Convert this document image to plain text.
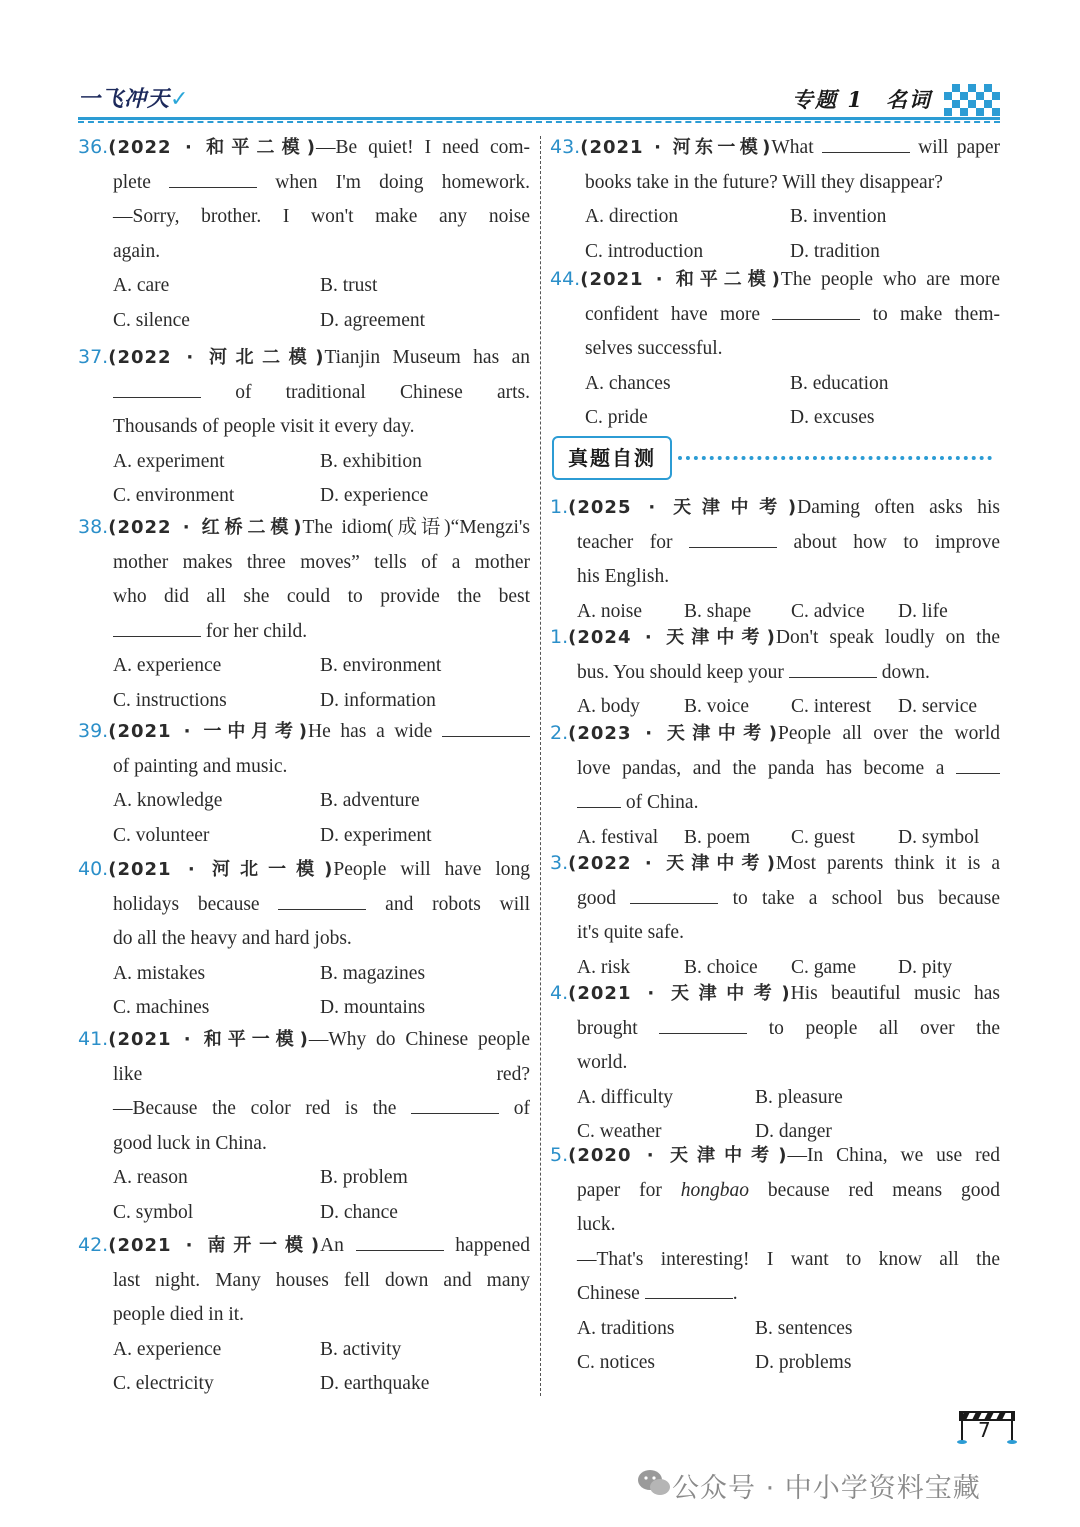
一飞冲天✓	专题 1 名词
36.(2022 · 和平二模)—Be quiet! I need com-
plete	when I'm doing homework.
—Sorry, brother. I won't make any noise
again.
A. care	B. trust
C. silence	D. agreement
37.(2022 · 河北二模)Tianjin Museum has an
of traditional Chinese arts.
Thousands of people visit it every day.
A. experiment	B. exhibition
C. environment	D. experience
38.(2022 · 红桥二模)The idiom(成语)“Mengzi's
mother makes three moves” tells of a mother
who did all she could to provide the best
for her child.
A. experience	B. environment
C. instructions	D. information
39.(2021 · 一中月考)He has a wide
of painting and music.
A. knowledge	B. adventure
C. volunteer	D. experiment
40.(2021 · 河北一模)People will have long
holidays because	and robots will
do all the heavy and hard jobs.
A. mistakes	B. magazines
C. machines	D. mountains
41.(2021 · 和平一模)—Why do Chinese people
like red?
—Because the color red is the	of
good luck in China.
A. reason	B. problem
C. symbol	D. chance
42.(2021 · 南开一模)An	happened
last night. Many houses fell down and many
people died in it.
A. experience	B. activity
C. electricity	D. earthquake
43.(2021 · 河东一模)What	will paper
books take in the future? Will they disappear?
A. direction	B. invention
C. introduction	D. tradition
44.(2021 · 和平二模)The people who are more
confident have more	to make them-
selves successful.
A. chances	B. education
C. pride	D. excuses
真题自测
1.(2025 · 天津中考)Daming often asks his
teacher for	about how to improve
his English.
A. noise B. shape C. advice D. life
1.(2024 · 天津中考)Don't speak loudly on the
bus. You should keep your	down.
A. body B. voice C. interest D. service
2.(2023 · 天津中考)People all over the world
love pandas, and the panda has become a
of China.
A. festival B. poem C. guest D. symbol
3.(2022 · 天津中考)Most parents think it is a
good	to take a school bus because
it's quite safe.
A. risk	B. choice C. game D. pity
4.(2021 · 天津中考)His beautiful music has
brought	to people all over the
world.
A. difficulty	B. pleasure
C. weather	D. danger
5.(2020 · 天津中考)—In China, we use red
paper for hongbao because red means good
luck.
—That's interesting! I want to know all the
Chinese	.
A. traditions	B. sentences
C. notices	D. problems
7
公众号 · 中小学资料宝藏
